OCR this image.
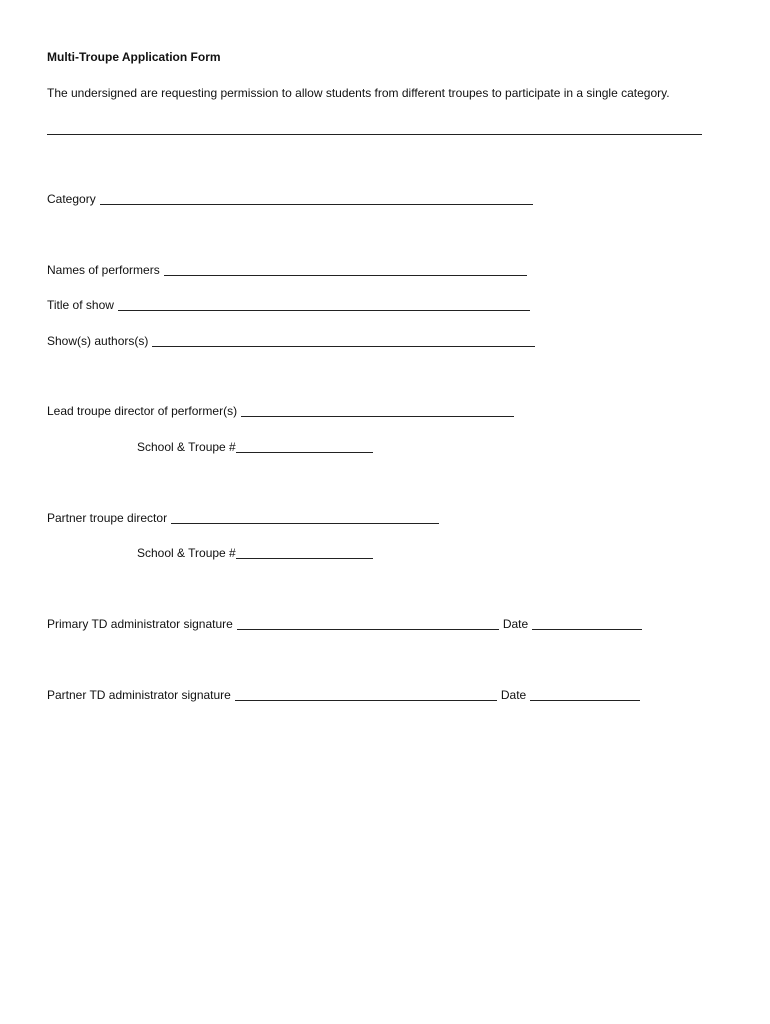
Multi-Troupe Application Form
The undersigned are requesting permission to allow students from different troupes to participate in a single category.
Category
Names of performers
Title of show
Show(s) authors(s)
Lead troupe director of performer(s)
School & Troupe #
Partner troupe director
School & Troupe #
Primary TD administrator signature	Date
Partner TD administrator signature	Date
